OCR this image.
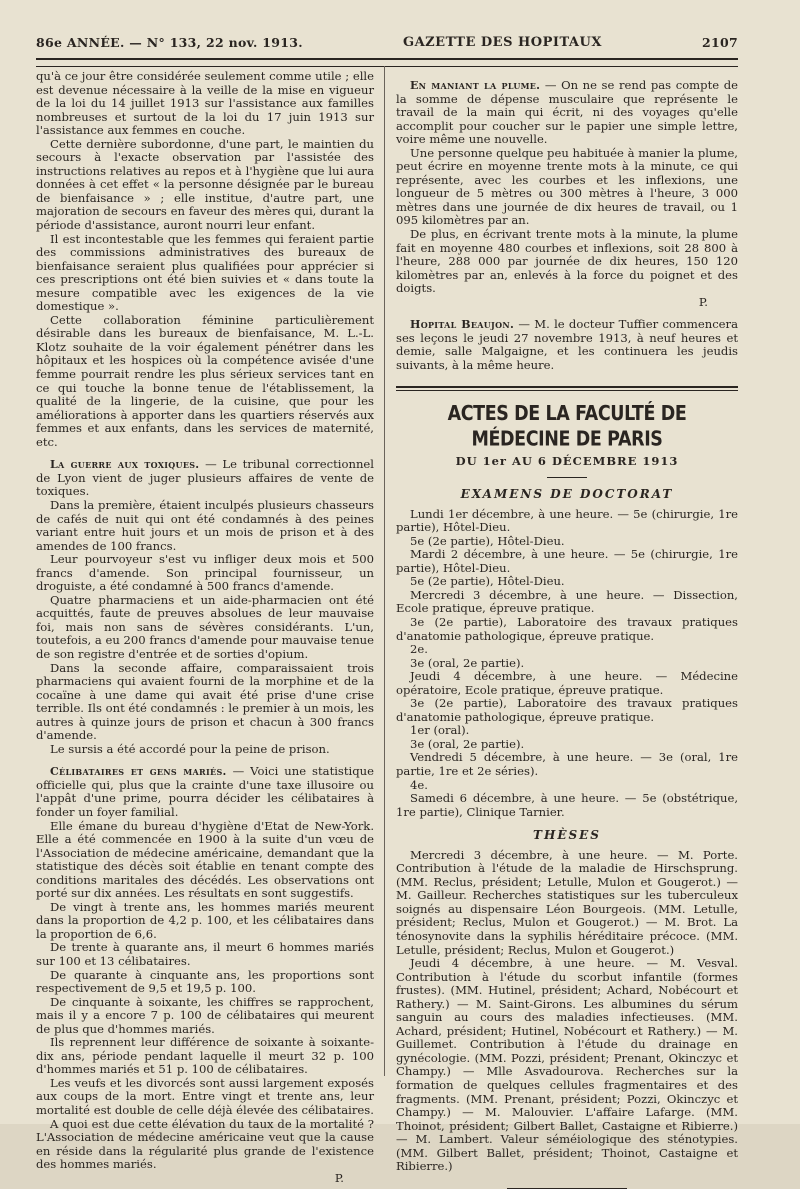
86e ANNÉE. — N° 133, 22 nov. 1913.	GAZETTE DES HOPITAUX	2107

qu'à ce jour être considérée seulement comme utile ; elle est devenue nécessaire à la veille de la mise en vigueur de la loi du 14 juillet 1913 sur l'assistance aux familles nombreuses et surtout de la loi du 17 juin 1913 sur l'assistance aux femmes en couche.

Cette dernière subordonne, d'une part, le maintien du secours à l'exacte observation par l'assistée des instructions relatives au repos et à l'hygiène que lui aura données à cet effet « la personne désignée par le bureau de bienfaisance » ; elle institue, d'autre part, une majoration de secours en faveur des mères qui, durant la période d'assistance, auront nourri leur enfant.

Il est incontestable que les femmes qui feraient partie des commissions administratives des bureaux de bienfaisance seraient plus qualifiées pour apprécier si ces prescriptions ont été bien suivies et « dans toute la mesure compatible avec les exigences de la vie domestique ».

Cette collaboration féminine particulièrement désirable dans les bureaux de bienfaisance, M. L.-L. Klotz souhaite de la voir également pénétrer dans les hôpitaux et les hospices où la compétence avisée d'une femme pourrait rendre les plus sérieux services tant en ce qui touche la bonne tenue de l'établissement, la qualité de la lingerie, de la cuisine, que pour les améliorations à apporter dans les quartiers réservés aux femmes et aux enfants, dans les services de maternité, etc.

La guerre aux toxiques. — Le tribunal correctionnel de Lyon vient de juger plusieurs affaires de vente de toxiques.

Dans la première, étaient inculpés plusieurs chasseurs de cafés de nuit qui ont été condamnés à des peines variant entre huit jours et un mois de prison et à des amendes de 100 francs.

Leur pourvoyeur s'est vu infliger deux mois et 500 francs d'amende. Son principal fournisseur, un droguiste, a été condamné à 500 francs d'amende.

Quatre pharmaciens et un aide-pharmacien ont été acquittés, faute de preuves absolues de leur mauvaise foi, mais non sans de sévères considérants. L'un, toutefois, a eu 200 francs d'amende pour mauvaise tenue de son registre d'entrée et de sorties d'opium.

Dans la seconde affaire, comparaissaient trois pharmaciens qui avaient fourni de la morphine et de la cocaïne à une dame qui avait été prise d'une crise terrible. Ils ont été condamnés : le premier à un mois, les autres à quinze jours de prison et chacun à 300 francs d'amende.

Le sursis a été accordé pour la peine de prison.

Célibataires et gens mariés. — Voici une statistique officielle qui, plus que la crainte d'une taxe illusoire ou l'appât d'une prime, pourra décider les célibataires à fonder un foyer familial.

Elle émane du bureau d'hygiène d'Etat de New-York. Elle a été commencée en 1900 à la suite d'un vœu de l'Association de médecine américaine, demandant que la statistique des décès soit établie en tenant compte des conditions maritales des décédés. Les observations ont porté sur dix années. Les résultats en sont suggestifs.

De vingt à trente ans, les hommes mariés meurent dans la proportion de 4,2 p. 100, et les célibataires dans la proportion de 6,6.

De trente à quarante ans, il meurt 6 hommes mariés sur 100 et 13 célibataires.

De quarante à cinquante ans, les proportions sont respectivement de 9,5 et 19,5 p. 100.

De cinquante à soixante, les chiffres se rapprochent, mais il y a encore 7 p. 100 de célibataires qui meurent de plus que d'hommes mariés.

Ils reprennent leur différence de soixante à soixante-dix ans, période pendant laquelle il meurt 32 p. 100 d'hommes mariés et 51 p. 100 de célibataires.

Les veufs et les divorcés sont aussi largement exposés aux coups de la mort. Entre vingt et trente ans, leur mortalité est double de celle déjà élevée des célibataires.

A quoi est due cette élévation du taux de la mortalité ? L'Association de médecine américaine veut que la cause en réside dans la régularité plus grande de l'existence des hommes mariés.

P.

En maniant la plume. — On ne se rend pas compte de la somme de dépense musculaire que représente le travail de la main qui écrit, ni des voyages qu'elle accomplit pour coucher sur le papier une simple lettre, voire même une nouvelle.

Une personne quelque peu habituée à manier la plume, peut écrire en moyenne trente mots à la minute, ce qui représente, avec les courbes et les inflexions, une longueur de 5 mètres ou 300 mètres à l'heure, 3 000 mètres dans une journée de dix heures de travail, ou 1 095 kilomètres par an.

De plus, en écrivant trente mots à la minute, la plume fait en moyenne 480 courbes et inflexions, soit 28 800 à l'heure, 288 000 par journée de dix heures, 150 120 kilomètres par an, enlevés à la force du poignet et des doigts.

P.

Hopital Beaujon. — M. le docteur Tuffier commencera ses leçons le jeudi 27 novembre 1913, à neuf heures et demie, salle Malgaigne, et les continuera les jeudis suivants, à la même heure.

ACTES DE LA FACULTÉ DE MÉDECINE DE PARIS
DU 1er AU 6 DÉCEMBRE 1913
EXAMENS DE DOCTORAT

Lundi 1er décembre, à une heure. — 5e (chirurgie, 1re partie), Hôtel-Dieu.

5e (2e partie), Hôtel-Dieu.

Mardi 2 décembre, à une heure. — 5e (chirurgie, 1re partie), Hôtel-Dieu.

5e (2e partie), Hôtel-Dieu.

Mercredi 3 décembre, à une heure. — Dissection, Ecole pratique, épreuve pratique.

3e (2e partie), Laboratoire des travaux pratiques d'anatomie pathologique, épreuve pratique.

2e.

3e (oral, 2e partie).

Jeudi 4 décembre, à une heure. — Médecine opératoire, Ecole pratique, épreuve pratique.

3e (2e partie), Laboratoire des travaux pratiques d'anatomie pathologique, épreuve pratique.

1er (oral).

3e (oral, 2e partie).

Vendredi 5 décembre, à une heure. — 3e (oral, 1re partie, 1re et 2e séries).

4e.

Samedi 6 décembre, à une heure. — 5e (obstétrique, 1re partie), Clinique Tarnier.

THÈSES

Mercredi 3 décembre, à une heure. — M. Porte. Contribution à l'étude de la maladie de Hirschsprung. (MM. Reclus, président; Letulle, Mulon et Gougerot.) — M. Gailleur. Recherches statistiques sur les tuberculeux soignés au dispensaire Léon Bourgeois. (MM. Letulle, président; Reclus, Mulon et Gougerot.) — M. Brot. La ténosynovite dans la syphilis héréditaire précoce. (MM. Letulle, président; Reclus, Mulon et Gougerot.)

Jeudi 4 décembre, à une heure. — M. Vesval. Contribution à l'étude du scorbut infantile (formes frustes). (MM. Hutinel, président; Achard, Nobécourt et Rathery.) — M. Saint-Girons. Les albumines du sérum sanguin au cours des maladies infectieuses. (MM. Achard, président; Hutinel, Nobécourt et Rathery.) — M. Guillemet. Contribution à l'étude du drainage en gynécologie. (MM. Pozzi, président; Prenant, Okinczyc et Champy.) — Mlle Asvadourova. Recherches sur la formation de quelques cellules fragmentaires et des fragments. (MM. Prenant, président; Pozzi, Okinczyc et Champy.) — M. Malouvier. L'affaire Lafarge. (MM. Thoinot, président; Gilbert Ballet, Castaigne et Ribierre.) — M. Lambert. Valeur séméiologique des sténotypies. (MM. Gilbert Ballet, président; Thoinot, Castaigne et Ribierre.)
